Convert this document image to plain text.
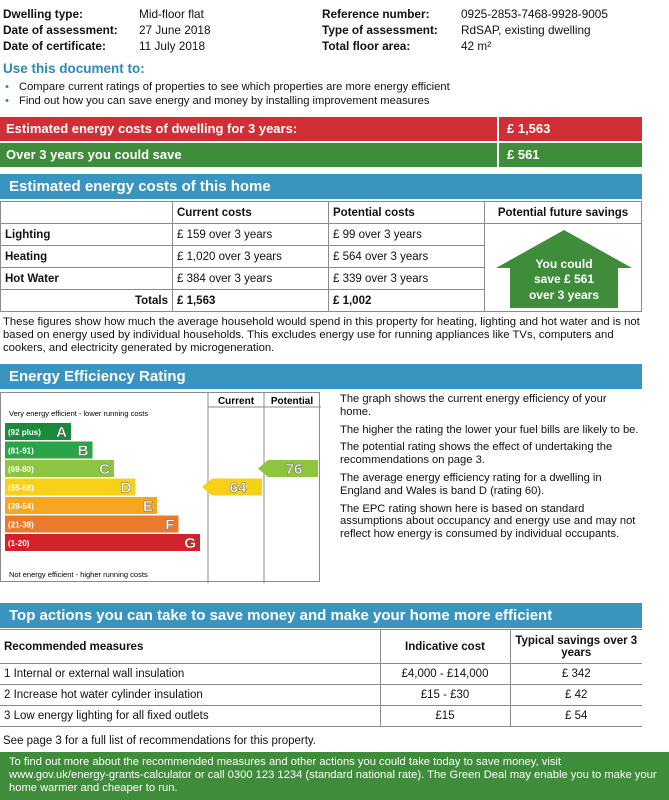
Dwelling type:	Mid-floor flat	Reference number:	0925-2853-7468-9928-9005
Date of assessment:	27 June 2018	Type of assessment:	RdSAP, existing dwelling
Date of certificate:	11 July 2018	Total floor area:	42 m²
Use this document to:
• Compare current ratings of properties to see which properties are more energy efficient
• Find out how you can save energy and money by installing improvement measures
Estimated energy costs of dwelling for 3 years:	£ 1,563
Over 3 years you could save	£ 561
Estimated energy costs of this home
	Current costs	Potential costs	Potential future savings
Lighting	£ 159 over 3 years	£ 99 over 3 years	
Heating	£ 1,020 over 3 years	£ 564 over 3 years	
Hot Water	£ 384 over 3 years	£ 339 over 3 years	
Totals	£ 1,563	£ 1,002	
You could
save £ 561
over 3 years
These figures show how much the average household would spend in this property for heating, lighting and hot water and is not based on energy used by individual households. This excludes energy use for running appliances like TVs, computers and cookers, and electricity generated by microgeneration.
Energy Efficiency Rating
Current Potential
Very energy efficient - lower running costs
Not energy efficient - higher running costs
(92 plus) A
(81-91)	B
(69-80)	C
(55-68)	D
(39-54)	E
(21-38)	F
(1-20)	G
64
76

The graph shows the current energy efficiency of your home.

The higher the rating the lower your fuel bills are likely to be.

The potential rating shows the effect of undertaking the recommendations on page 3.

The average energy efficiency rating for a dwelling in England and Wales is band D (rating 60).

The EPC rating shown here is based on standard assumptions about occupancy and energy use and may not reflect how energy is consumed by individual occupants.

Top actions you can take to save money and make your home more efficient
Recommended measures	Indicative cost	Typical savings over 3 years
1 Internal or external wall insulation	£4,000 - £14,000	£ 342
2 Increase hot water cylinder insulation	£15 - £30	£ 42
3 Low energy lighting for all fixed outlets	£15	£ 54
See page 3 for a full list of recommendations for this property.
To find out more about the recommended measures and other actions you could take today to save money, visit www.gov.uk/energy-grants-calculator or call 0300 123 1234 (standard national rate). The Green Deal may enable you to make your home warmer and cheaper to run.
